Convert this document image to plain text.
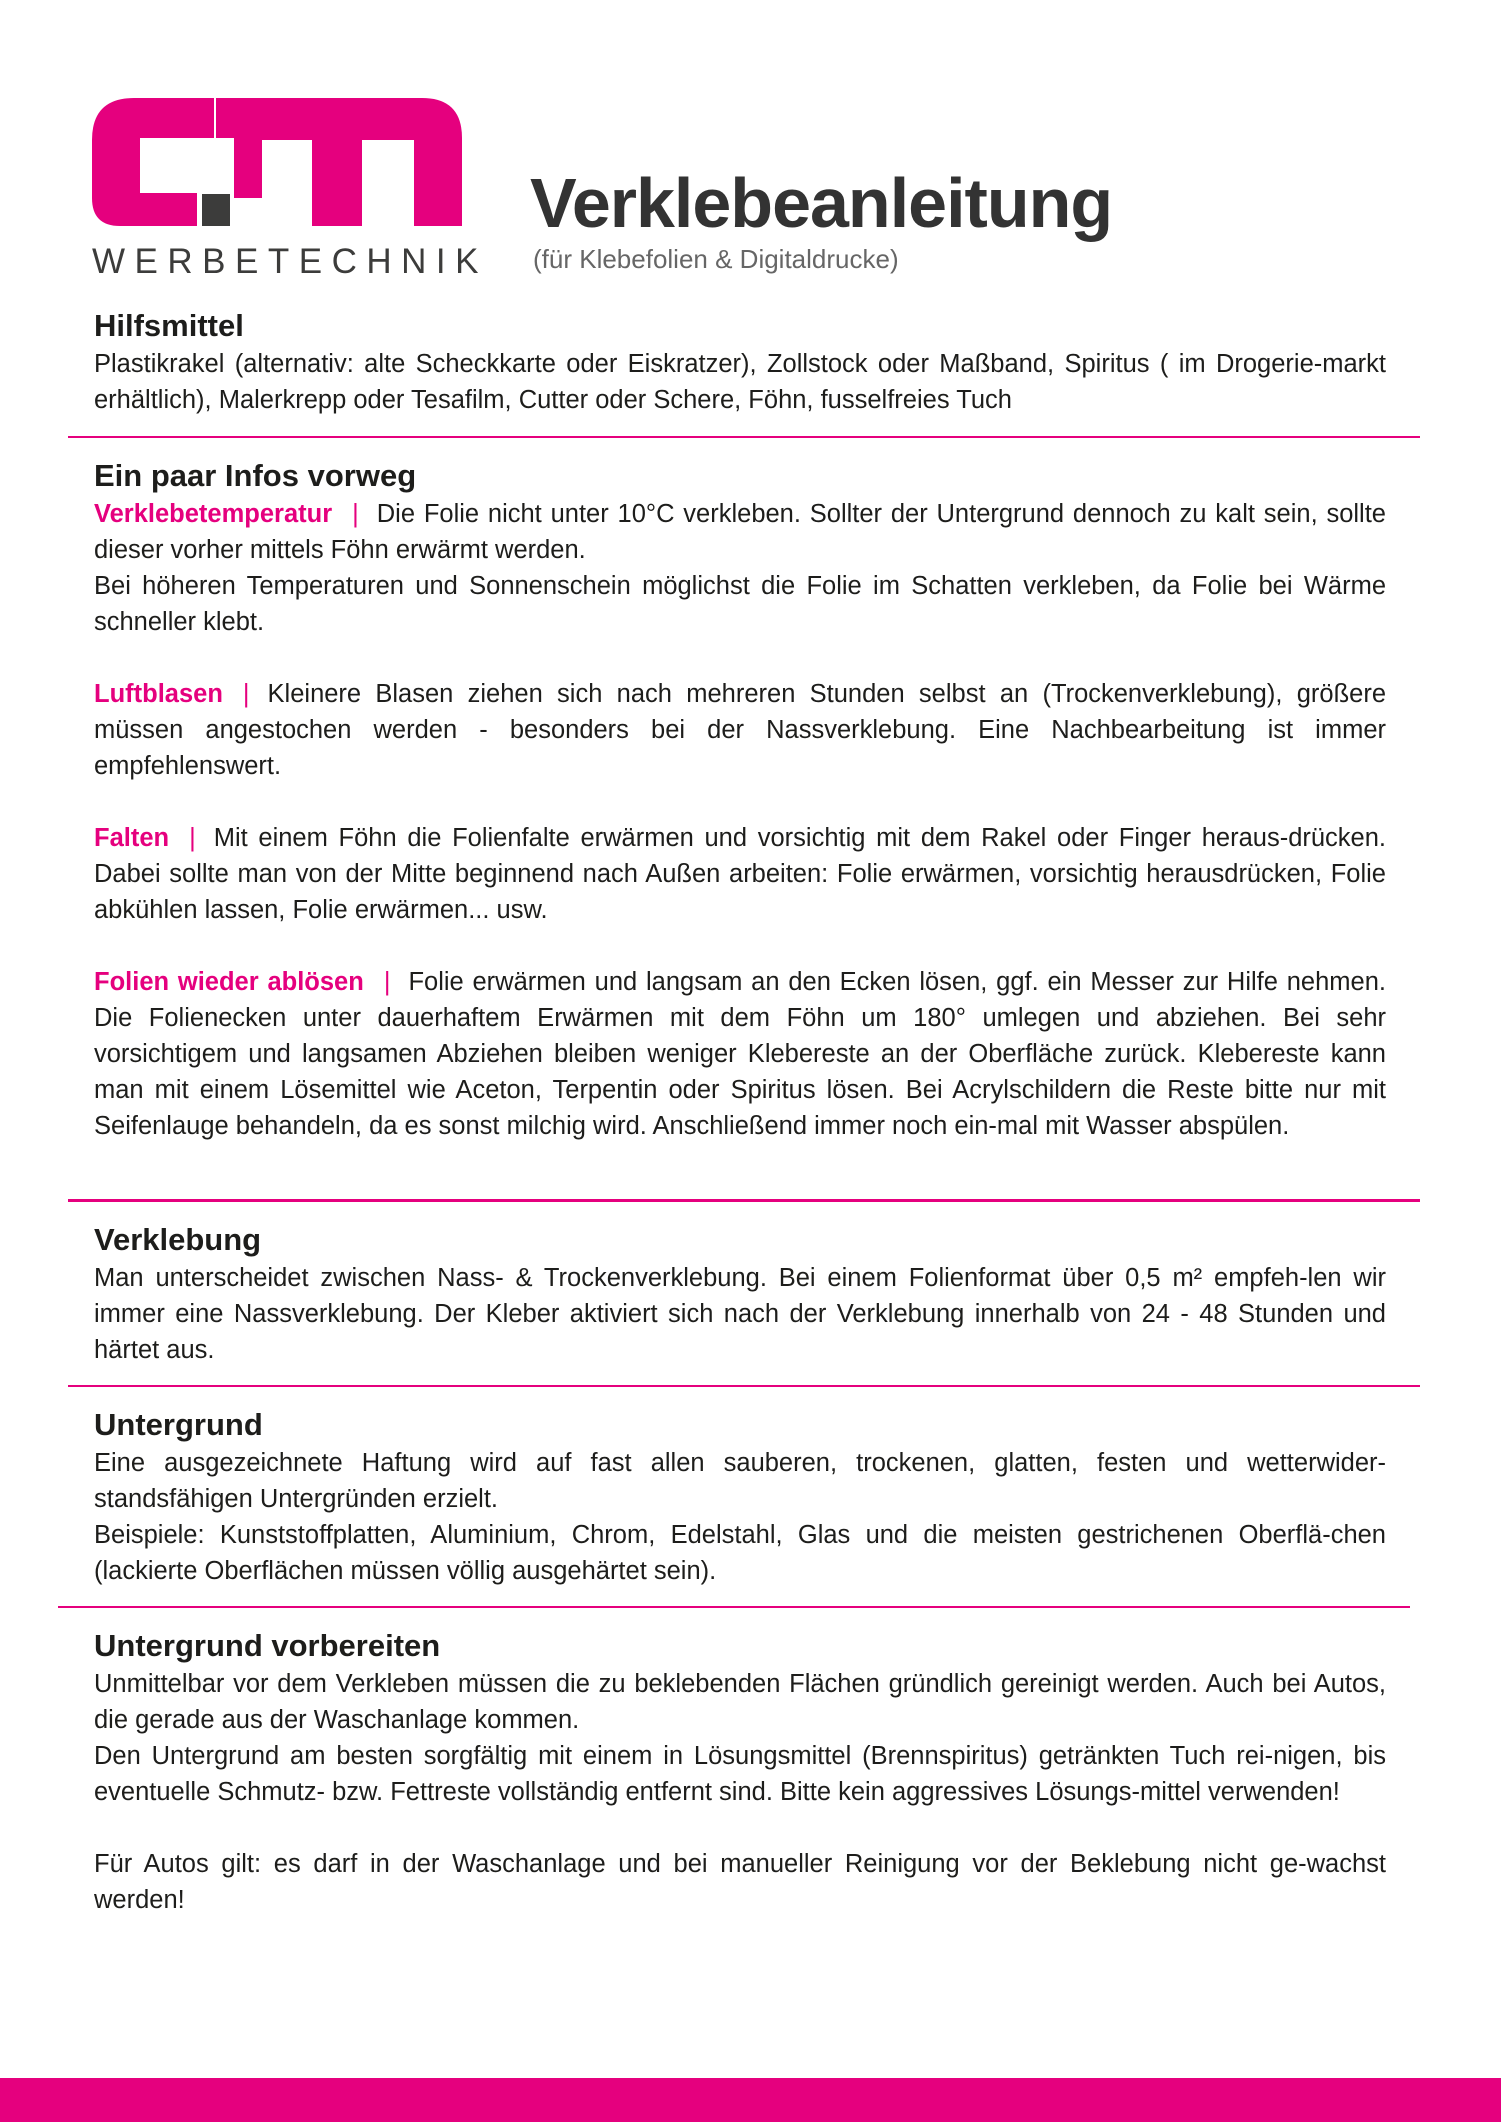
WERBETECHNIK
Verklebeanleitung
(für Klebefolien & Digitaldrucke)
Hilfsmittel

Plastikrakel (alternativ: alte Scheckkarte oder Eiskratzer), Zollstock oder Maßband, Spiritus ( im Drogerie-markt erhältlich), Malerkrepp oder Tesafilm, Cutter oder Schere, Föhn, fusselfreies Tuch

Ein paar Infos vorweg

Verklebetemperatur | Die Folie nicht unter 10°C verkleben. Sollter der Untergrund dennoch zu kalt sein, sollte dieser vorher mittels Föhn erwärmt werden.

Bei höheren Temperaturen und Sonnenschein möglichst die Folie im Schatten verkleben, da Folie bei Wärme schneller klebt.

Luftblasen | Kleinere Blasen ziehen sich nach mehreren Stunden selbst an (Trockenverklebung), größere müssen angestochen werden - besonders bei der Nassverklebung. Eine Nachbearbeitung ist immer empfehlenswert.

Falten | Mit einem Föhn die Folienfalte erwärmen und vorsichtig mit dem Rakel oder Finger heraus-drücken. Dabei sollte man von der Mitte beginnend nach Außen arbeiten: Folie erwärmen, vorsichtig herausdrücken, Folie abkühlen lassen, Folie erwärmen... usw.

Folien wieder ablösen | Folie erwärmen und langsam an den Ecken lösen, ggf. ein Messer zur Hilfe nehmen. Die Folienecken unter dauerhaftem Erwärmen mit dem Föhn um 180° umlegen und abziehen. Bei sehr vorsichtigem und langsamen Abziehen bleiben weniger Klebereste an der Oberfläche zurück. Klebereste kann man mit einem Lösemittel wie Aceton, Terpentin oder Spiritus lösen. Bei Acrylschildern die Reste bitte nur mit Seifenlauge behandeln, da es sonst milchig wird. Anschließend immer noch ein-mal mit Wasser abspülen.

Verklebung

Man unterscheidet zwischen Nass- & Trockenverklebung. Bei einem Folienformat über 0,5 m² empfeh-len wir immer eine Nassverklebung. Der Kleber aktiviert sich nach der Verklebung innerhalb von 24 - 48 Stunden und härtet aus.

Untergrund

Eine ausgezeichnete Haftung wird auf fast allen sauberen, trockenen, glatten, festen und wetterwider-standsfähigen Untergründen erzielt.

Beispiele: Kunststoffplatten, Aluminium, Chrom, Edelstahl, Glas und die meisten gestrichenen Oberflä-chen (lackierte Oberflächen müssen völlig ausgehärtet sein).

Untergrund vorbereiten

Unmittelbar vor dem Verkleben müssen die zu beklebenden Flächen gründlich gereinigt werden. Auch bei Autos, die gerade aus der Waschanlage kommen.

Den Untergrund am besten sorgfältig mit einem in Lösungsmittel (Brennspiritus) getränkten Tuch rei-nigen, bis eventuelle Schmutz- bzw. Fettreste vollständig entfernt sind. Bitte kein aggressives Lösungs-mittel verwenden!

Für Autos gilt: es darf in der Waschanlage und bei manueller Reinigung vor der Beklebung nicht ge-wachst werden!
